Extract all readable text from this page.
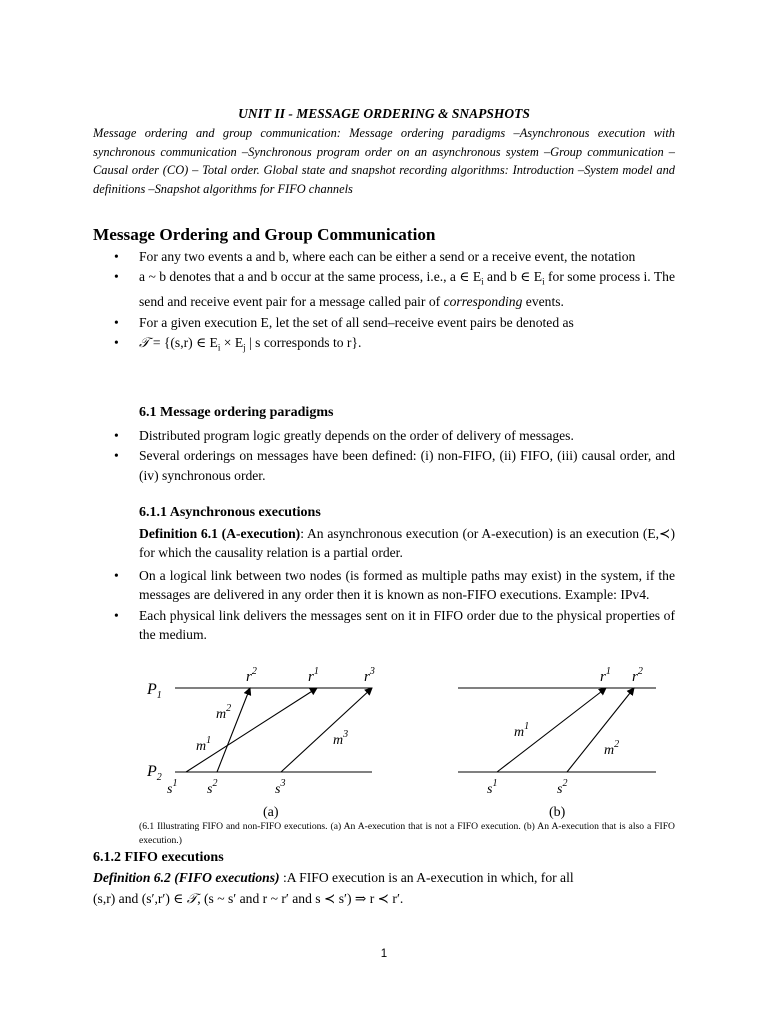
UNIT II - MESSAGE ORDERING & SNAPSHOTS
Message ordering and group communication: Message ordering paradigms –Asynchronous execution with synchronous communication –Synchronous program order on an asynchronous system –Group communication – Causal order (CO) – Total order. Global state and snapshot recording algorithms: Introduction –System model and definitions –Snapshot algorithms for FIFO channels
Message Ordering and Group Communication
• For any two events a and b, where each can be either a send or a receive event, the notation
• a ~ b denotes that a and b occur at the same process, i.e., a ∈ $E_i$ and b ∈ $E_i$ for some process i. The send and receive event pair for a message called pair of corresponding events.
• For a given execution E, let the set of all send–receive event pairs be denoted as
• 𝒯 = {(s,r) ∈ $E_i \times E_j$ | s corresponds to r}.
6.1 Message ordering paradigms
• Distributed program logic greatly depends on the order of delivery of messages.
• Several orderings on messages have been defined: (i) non-FIFO, (ii) FIFO, (iii) causal order, and (iv) synchronous order.
6.1.1 Asynchronous executions
Definition 6.1 (A-execution): An asynchronous execution (or A-execution) is an execution (E,≺) for which the causality relation is a partial order.
• On a logical link between two nodes (is formed as multiple paths may exist) in the system, if the messages are delivered in any order then it is known as non-FIFO executions. Example: IPv4.
• Each physical link delivers the messages sent on it in FIFO order due to the physical properties of the medium.
$P_1$
$P_2$
$r^2$	$r^1$	$r^3$
$m^2$
$m^1$	$m^3$
$s^1$ $s^2$	$s^3$
(a)
$r^1$ $r^2$
$m^1$
$m^2$
$s^1$	$s^2$
(b)
(6.1 Illustrating FIFO and non-FIFO executions. (a) An A-execution that is not a FIFO execution. (b) An A-execution that is also a FIFO execution.)
6.1.2 FIFO executions
Definition 6.2 (FIFO executions) :A FIFO execution is an A-execution in which, for all
(s,r) and (s′,r′) ∈ 𝒯, (s ~ s′ and r ~ r′ and s ≺ s′) ⇒ r ≺ r′.
1
